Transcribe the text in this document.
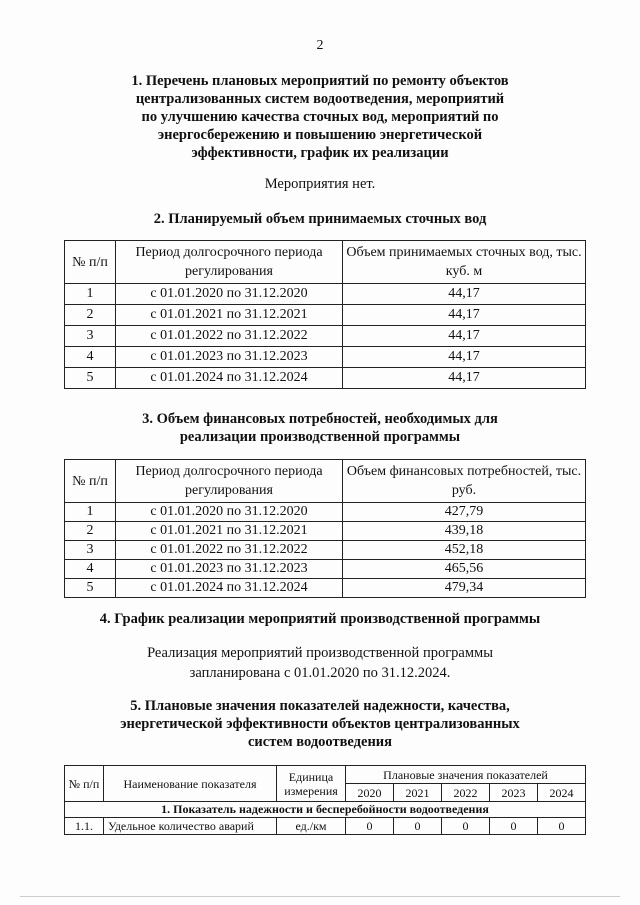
2
1. Перечень плановых мероприятий по ремонту объектов
централизованных систем водоотведения, мероприятий
по улучшению качества сточных вод, мероприятий по
энергосбережению и повышению энергетической
эффективности, график их реализации
Мероприятия нет.
2. Планируемый объем принимаемых сточных вод
№ п/п	Период долгосрочного периода регулирования	Объем принимаемых сточных вод, тыс. куб. м
1	с 01.01.2020 по 31.12.2020	44,17
2	с 01.01.2021 по 31.12.2021	44,17
3	с 01.01.2022 по 31.12.2022	44,17
4	с 01.01.2023 по 31.12.2023	44,17
5	с 01.01.2024 по 31.12.2024	44,17
3. Объем финансовых потребностей, необходимых для
реализации производственной программы
№ п/п	Период долгосрочного периода регулирования	Объем финансовых потребностей, тыс. руб.
1	с 01.01.2020 по 31.12.2020	427,79
2	с 01.01.2021 по 31.12.2021	439,18
3	с 01.01.2022 по 31.12.2022	452,18
4	с 01.01.2023 по 31.12.2023	465,56
5	с 01.01.2024 по 31.12.2024	479,34
4. График реализации мероприятий производственной программы
Реализация мероприятий производственной программы
запланирована с 01.01.2020 по 31.12.2024.
5. Плановые значения показателей надежности, качества,
энергетической эффективности объектов централизованных
систем водоотведения
№ п/п	Наименование показателя	Единица измерения	Плановые значения показателей				
			2020	2021	2022	2023	2024
1. Показатель надежности и бесперебойности водоотведения							
1.1.	Удельное количество аварий	ед./км	0	0	0	0	0
